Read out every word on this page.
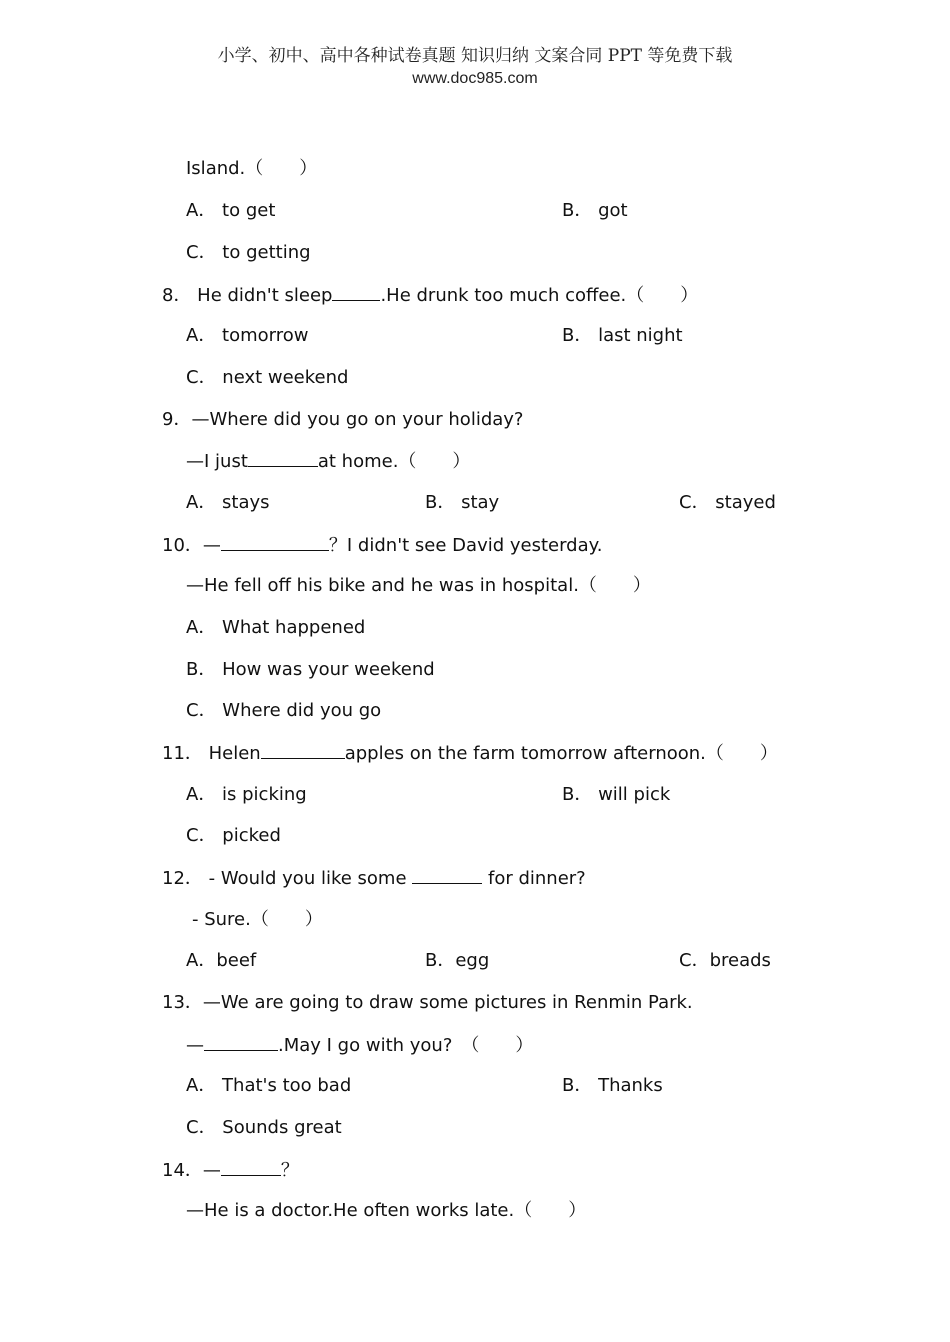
小学、初中、高中各种试卷真题 知识归纳 文案合同 PPT 等免费下载
www.doc985.com
Island.（　　）
A． to get	B． got
C． to getting
8． He didn't sleep	.He drunk too much coffee.（　　）
A． tomorrow	B． last night
C． next weekend
9．—Where did you go on your holiday?
—I just	at home.（　　）
A． stays	B． stay	C． stayed
10．—	？I didn't see David yesterday.
—He fell off his bike and he was in hospital.（　　）
A． What happened
B． How was your weekend
C． Where did you go
11． Helen	apples on the farm tomorrow afternoon.（　　）
A． is picking	B． will pick
C． picked
12． - Would you like some	for dinner?
- Sure.（　　）
A．beef	B．egg	C．breads
13．—We are going to draw some pictures in Renmin Park.
—	.May I go with you?　（　　）
A． That's too bad	B． Thanks
C． Sounds great
14．—	？
—He is a doctor.He often works late.（　　）
